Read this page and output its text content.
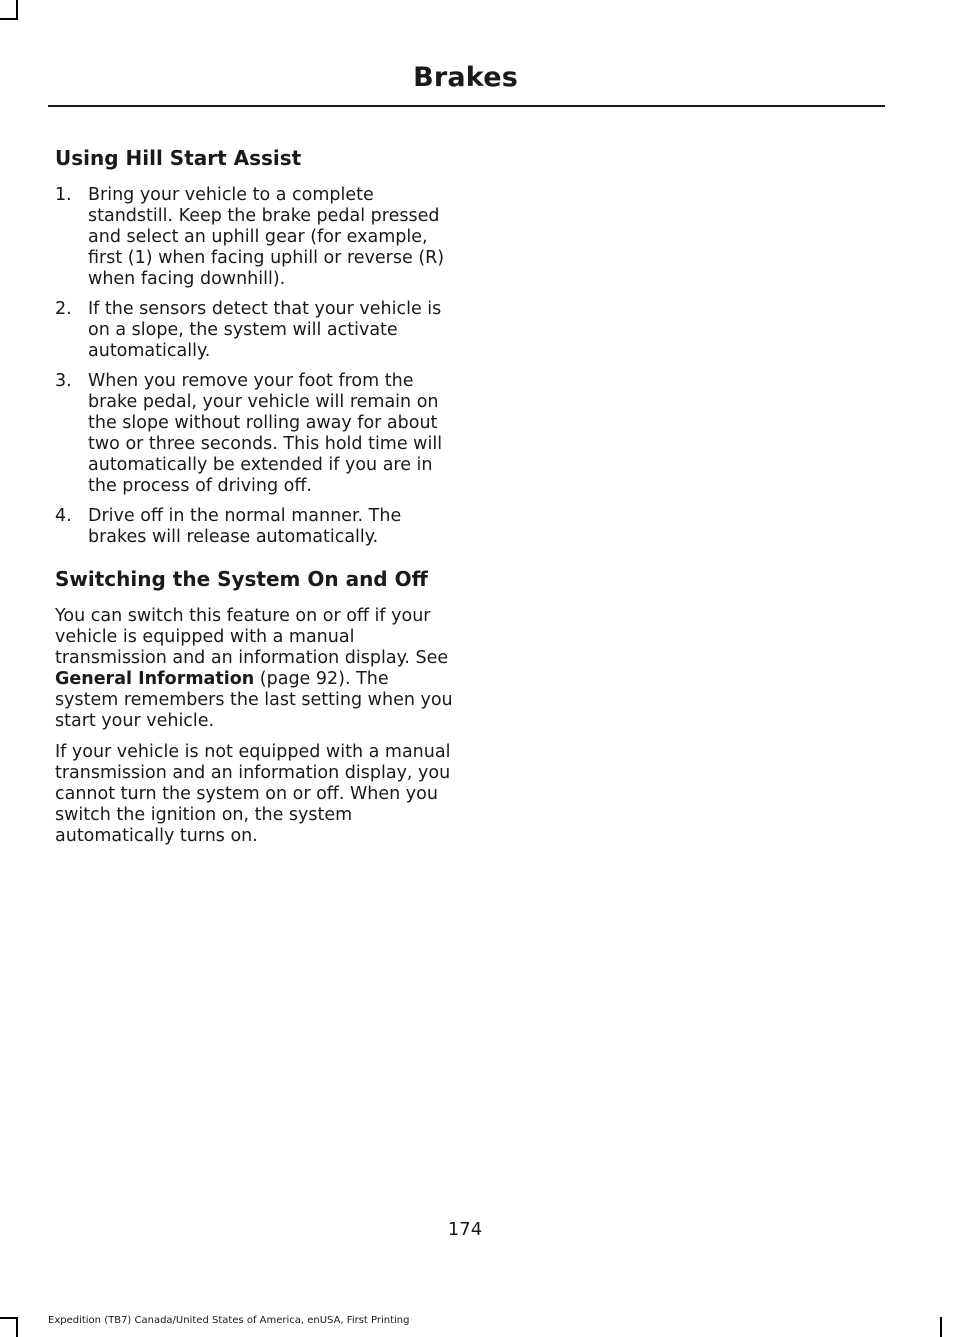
Brakes
Using Hill Start Assist
1. Bring your vehicle to a complete standstill. Keep the brake pedal pressed and select an uphill gear (for example, first (1) when facing uphill or reverse (R) when facing downhill).
2. If the sensors detect that your vehicle is on a slope, the system will activate automatically.
3. When you remove your foot from the brake pedal, your vehicle will remain on the slope without rolling away for about two or three seconds. This hold time will automatically be extended if you are in the process of driving off.
4. Drive off in the normal manner. The brakes will release automatically.
Switching the System On and Off

You can switch this feature on or off if your vehicle is equipped with a manual transmission and an information display. See General Information (page 92). The system remembers the last setting when you start your vehicle.

If your vehicle is not equipped with a manual transmission and an information display, you cannot turn the system on or off. When you switch the ignition on, the system automatically turns on.

174
Expedition (TB7) Canada/United States of America, enUSA, First Printing
